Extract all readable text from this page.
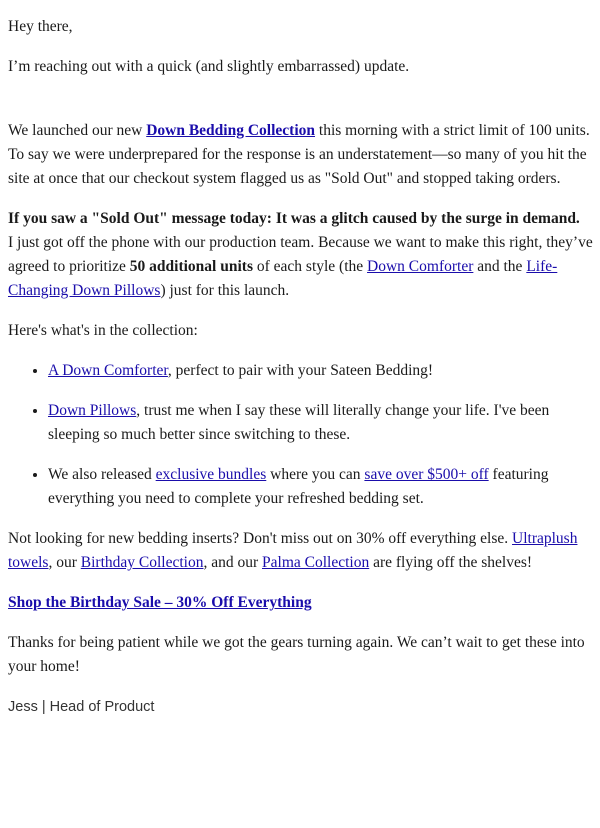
Hey there,

I’m reaching out with a quick (and slightly embarrassed) update.

We launched our new Down Bedding Collection this morning with a strict limit of 100 units. To say we were underprepared for the response is an understatement—so many of you hit the site at once that our checkout system flagged us as "Sold Out" and stopped taking orders.

If you saw a "Sold Out" message today: It was a glitch caused by the surge in demand.
I just got off the phone with our production team. Because we want to make this right, they’ve agreed to prioritize 50 additional units of each style (the Down Comforter and the Life-Changing Down Pillows) just for this launch.

Here's what's in the collection:

• A Down Comforter, perfect to pair with your Sateen Bedding!
• Down Pillows, trust me when I say these will literally change your life. I've been sleeping so much better since switching to these.
• We also released exclusive bundles where you can save over $500+ off featuring everything you need to complete your refreshed bedding set.

Not looking for new bedding inserts? Don't miss out on 30% off everything else. Ultraplush towels, our Birthday Collection, and our Palma Collection are flying off the shelves!

Shop the Birthday Sale – 30% Off Everything

Thanks for being patient while we got the gears turning again. We can’t wait to get these into your home!

Jess | Head of Product
